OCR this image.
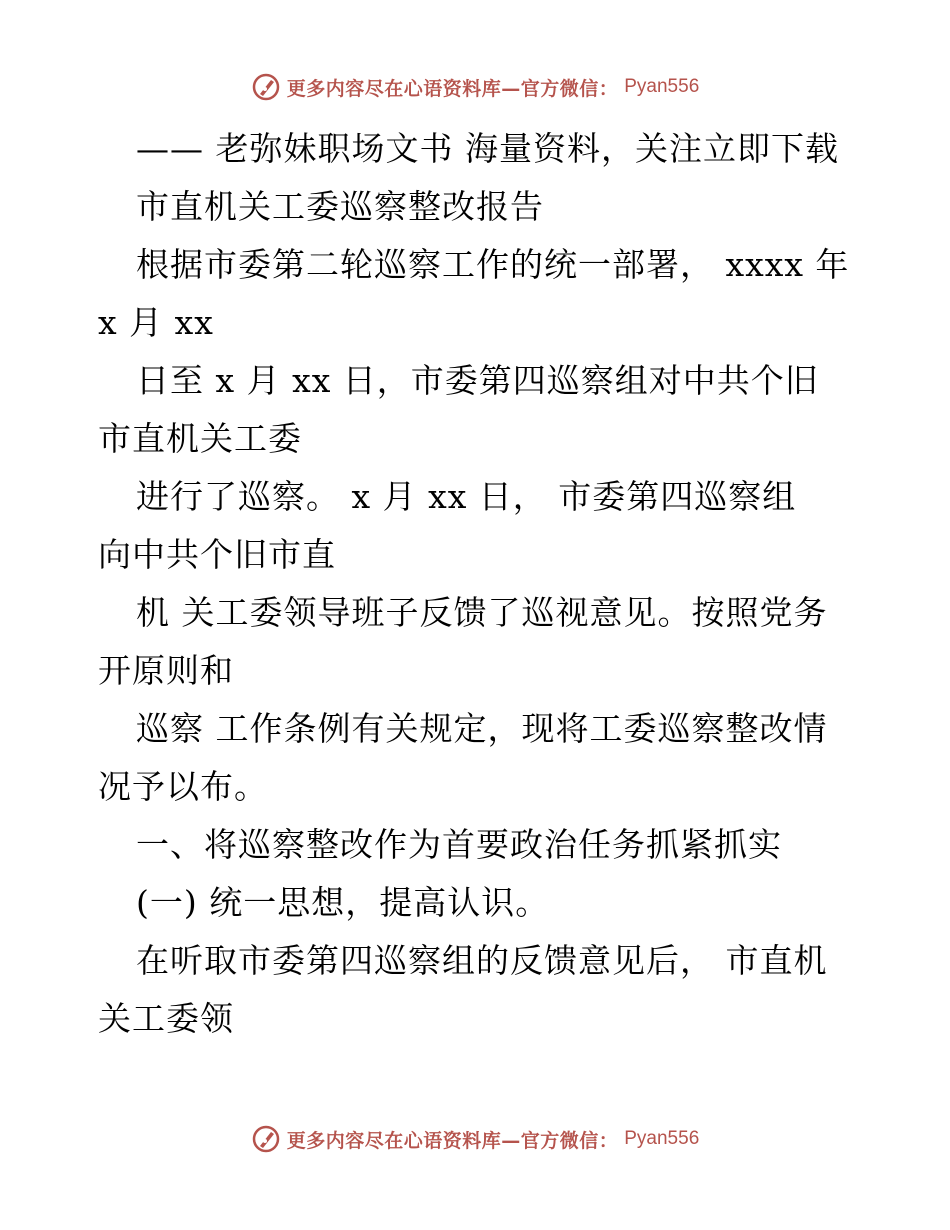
更多内容尽在心语资料库—官方微信： Pyan556
—— 老弥妹职场文书 海量资料，关注立即下载
市直机关工委巡察整改报告
根据市委第二轮巡察工作的统一部署， xxxx 年
x 月 xx
日至 x 月 xx 日，市委第四巡察组对中共个旧
市直机关工委
进行了巡察。 x 月 xx 日， 市委第四巡察组
向中共个旧市直
机 关工委领导班子反馈了巡视意见。按照党务
开原则和
巡察 工作条例有关规定，现将工委巡察整改情
况予以布。
一、将巡察整改作为首要政治任务抓紧抓实
(一) 统一思想，提高认识。
在听取市委第四巡察组的反馈意见后， 市直机
关工委领
更多内容尽在心语资料库—官方微信： Pyan556
